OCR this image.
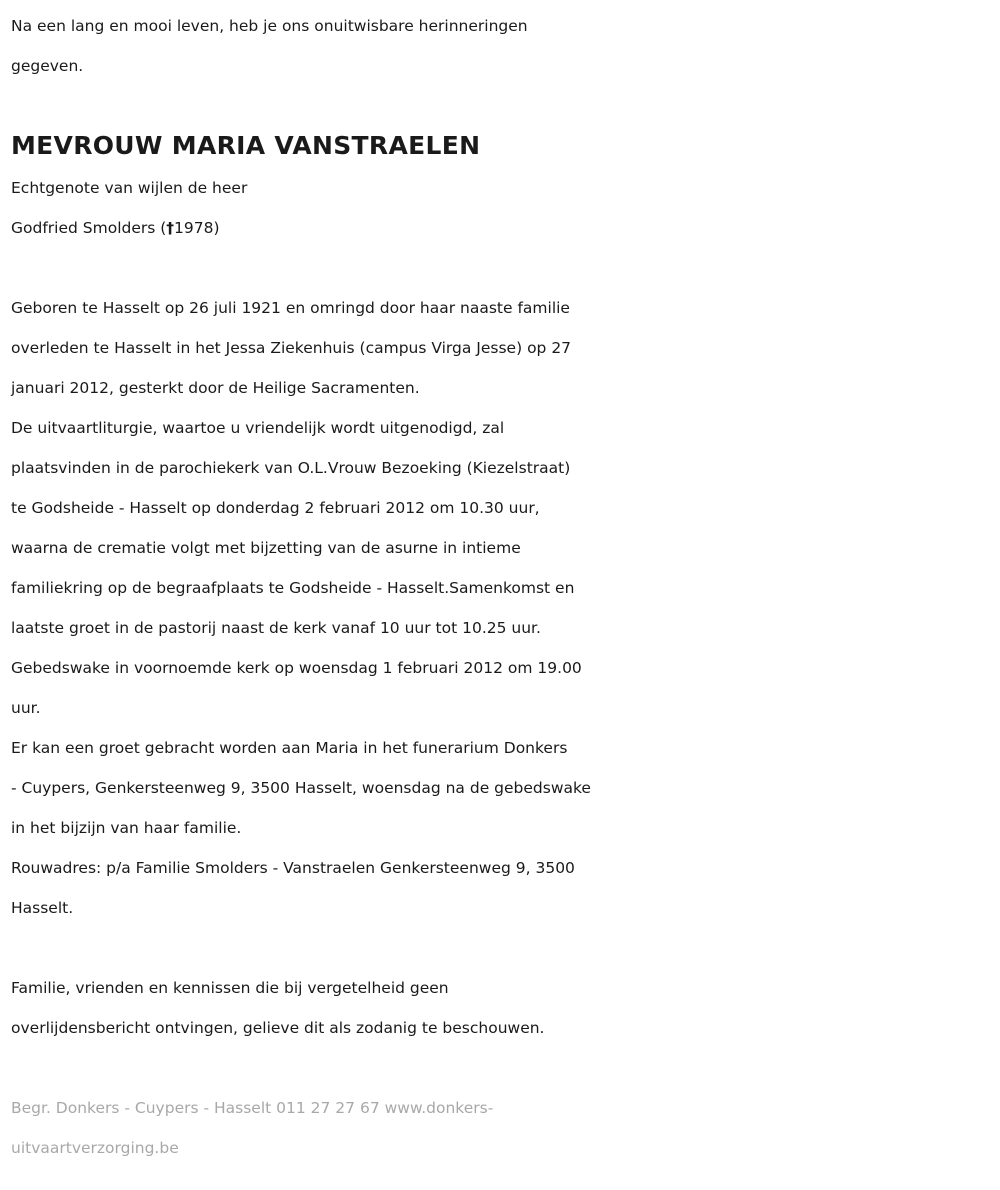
Na een lang en mooi leven, heb je ons onuitwisbare herinneringen
gegeven.
MEVROUW MARIA VANSTRAELEN
Echtgenote van wijlen de heer
Godfried Smolders (†1978)
Geboren te Hasselt op 26 juli 1921 en omringd door haar naaste familie
overleden te Hasselt in het Jessa Ziekenhuis (campus Virga Jesse) op 27
januari 2012, gesterkt door de Heilige Sacramenten.
De uitvaartliturgie, waartoe u vriendelijk wordt uitgenodigd, zal
plaatsvinden in de parochiekerk van O.L.Vrouw Bezoeking (Kiezelstraat)
te Godsheide - Hasselt op donderdag 2 februari 2012 om 10.30 uur,
waarna de crematie volgt met bijzetting van de asurne in intieme
familiekring op de begraafplaats te Godsheide - Hasselt.Samenkomst en
laatste groet in de pastorij naast de kerk vanaf 10 uur tot 10.25 uur.
Gebedswake in voornoemde kerk op woensdag 1 februari 2012 om 19.00
uur.
Er kan een groet gebracht worden aan Maria in het funerarium Donkers
- Cuypers, Genkersteenweg 9, 3500 Hasselt, woensdag na de gebedswake
in het bijzijn van haar familie.
Rouwadres: p/a Familie Smolders - Vanstraelen Genkersteenweg 9, 3500
Hasselt.
Familie, vrienden en kennissen die bij vergetelheid geen
overlijdensbericht ontvingen, gelieve dit als zodanig te beschouwen.
Begr. Donkers - Cuypers - Hasselt 011 27 27 67 www.donkers-
uitvaartverzorging.be
